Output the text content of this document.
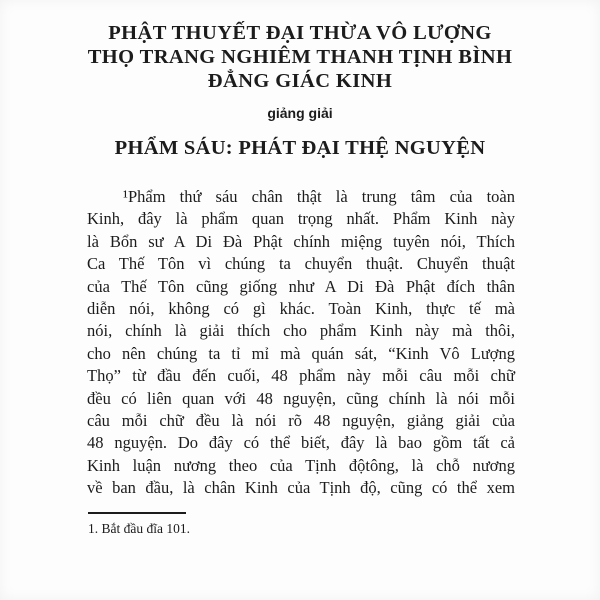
PHẬT THUYẾT ĐẠI THỪA VÔ LƯỢNG
THỌ TRANG NGHIÊM THANH TỊNH BÌNH
ĐẲNG GIÁC KINH
giảng giải
PHẨM SÁU: PHÁT ĐẠI THỆ NGUYỆN
¹Phẩm thứ sáu chân thật là trung tâm của toàn
Kinh, đây là phẩm quan trọng nhất. Phẩm Kinh này
là Bổn sư A Di Đà Phật chính miệng tuyên nói, Thích
Ca Thế Tôn vì chúng ta chuyển thuật. Chuyển thuật
của Thế Tôn cũng giống như A Di Đà Phật đích thân
diễn nói, không có gì khác. Toàn Kinh, thực tế mà
nói, chính là giải thích cho phẩm Kinh này mà thôi,
cho nên chúng ta tỉ mỉ mà quán sát, “Kinh Vô Lượng
Thọ” từ đầu đến cuối, 48 phẩm này mỗi câu mỗi chữ
đều có liên quan với 48 nguyện, cũng chính là nói mỗi
câu mỗi chữ đều là nói rõ 48 nguyện, giảng giải của
48 nguyện. Do đây có thể biết, đây là bao gồm tất cả
Kinh luận nương theo của Tịnh độtông, là chỗ nương
về ban đầu, là chân Kinh của Tịnh độ, cũng có thể xem
1. Bắt đầu đĩa 101.
